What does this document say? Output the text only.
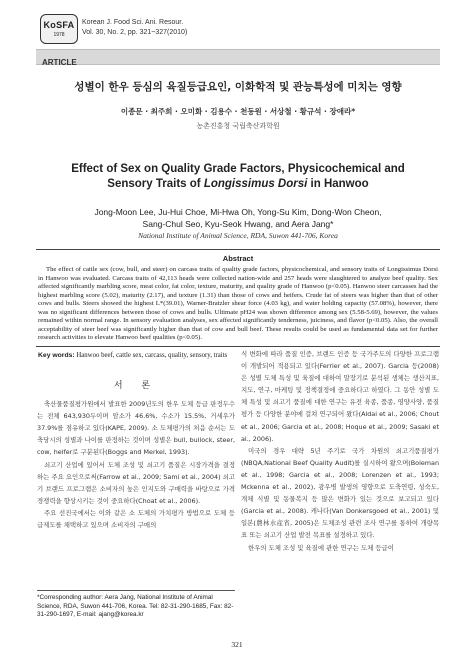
KoSFA
1978
Korean J. Food Sci. Ani. Resour.
Vol. 30, No. 2, pp. 321~327(2010)
ARTICLE
성별이 한우 등심의 육질등급요인, 이화학적 및 관능특성에 미치는 영향
이종문 · 최주희 · 오미화 · 김용수 · 천동원 · 서상철 · 황규석 · 장애라*
농촌진흥청 국립축산과학원
Effect of Sex on Quality Grade Factors, Physicochemical and
Sensory Traits of Longissimus Dorsi in Hanwoo
Jong-Moon Lee, Ju-Hui Choe, Mi-Hwa Oh, Yong-Su Kim, Dong-Won Cheon,
Sang-Chul Seo, Kyu-Seok Hwang, and Aera Jang*
National Institute of Animal Science, RDA, Suwon 441-706, Korea
Abstract
The effect of cattle sex (cow, bull, and steer) on carcass traits of quality grade factors, physicochemical, and sensory traits of Longissimus Dorsi in Hanwoo was evaluated. Carcass traits of 42,113 heads were collected nation-wide and 257 heads were slaughtered to analyze beef quality. Sex affected significantly marbling score, meat color, fat color, texture, maturity, and quality grade of Hanwoo (p<0.05). Hanwoo steer carcasses had the highest marbling score (5.02), maturity (2.17), and texture (1.31) than those of cows and heifers. Crude fat of steers was higher than that of other cows and bulls. Steers showed the highest L*(39.01), Warner-Bratzler shear force (4.03 kg), and water holding capacity (57.08%), however, there was no significant differences between those of cows and bulls. Ultimate pH24 was shown difference among sex (5.58-5.69), however, the values remained within normal range. In sensory evaluation analyses, sex affected significantly tenderness, juiciness, and flavor (p<0.05). Also, the overall acceptability of steer beef was significantly higher than that of cow and bull beef. These results could be used as fundamental data set for further research activities to elevate Hanwoo beef qualities (p<0.05).
Key words: Hanwoo beef, cattle sex, carcass, quality, sensory, traits
서 론

축산물품질평가원에서 발표한 2009년도의 한우 도체 등급 판정두수는 전체 643,930두이며 암소가 46.6%, 수소가 15.5%, 거세우가 37.9%를 점유하고 있다(KAPE, 2009). 소 도체평가의 처음 순서는 도축당시의 성별과 나이를 판정하는 것이며 성별은 bull, bullock, steer, cow, heifer로 구분된다(Boggs and Merkel, 1993).

쇠고기 산업에 있어서 도체 조성 및 쇠고기 품질은 시장가격을 결정하는 주요 요인으로써(Farrow et al., 2009; Sami et al., 2004) 쇠고기 브랜드 프로그램은 소비자의 높은 인지도와 구매력을 바탕으로 가격경쟁력을 향상시키는 것이 중요하다(Choat et al., 2006).

주요 선진국에서는 이와 같은 소 도체의 가치평가 방법으로 도체 등급제도를 채택하고 있으며 소비자의 구매의

식 변화에 따라 품질 인증, 브랜드 인증 등 국가주도의 다양한 프로그램이 개발되어 적용되고 있다(Ferrier et al., 2007). Garcia 등(2008)은 성별 도체 특성 및 육질에 대하여 말장기로 분석된 생체는 생산지표, 지도, 연구, 마케팅 및 정책결정에 중요하다고 하였다. 그 동안 성별 도체 특성 및 쇠고기 품질에 대한 연구는 유전 육종, 품종, 영양사양, 품질 평가 등 다양한 분야에 걸쳐 연구되어 왔다(Aldai et al., 2006; Chout et al., 2006; Garcia et al., 2008; Hoque et al., 2009; Sasaki et al., 2006).

미국의 경우 대략 5년 주기로 국가 차원의 쇠고기품질평가(NBQA,National Beef Quality Audit)를 실시하여 왔으며(Boleman et al., 1998; Garcia et al., 2008; Lorenzen et al., 1993; Mckenna et al., 2002), 광우병 발생의 영향으로 도축연령, 성숙도, 개체 식별 및 동물복지 등 많은 변화가 있는 것으로 보고되고 있다(Garcia et al., 2008). 캐나다(Van Donkersgoed et al., 2001) 및 일본(農林水産省, 2005)은 도체조성 관련 조사 연구를 통하여 개량목표 또는 쇠고기 산업 발전 목표를 설정하고 있다.

한우의 도체 조성 및 육질에 관한 연구는 도체 등급이

*Corresponding author: Aera Jang, National Institute of Animal Science, RDA, Suwon 441-706, Korea. Tel: 82-31-290-1685, Fax: 82-31-290-1697, E-mail: ajang@korea.kr
321
